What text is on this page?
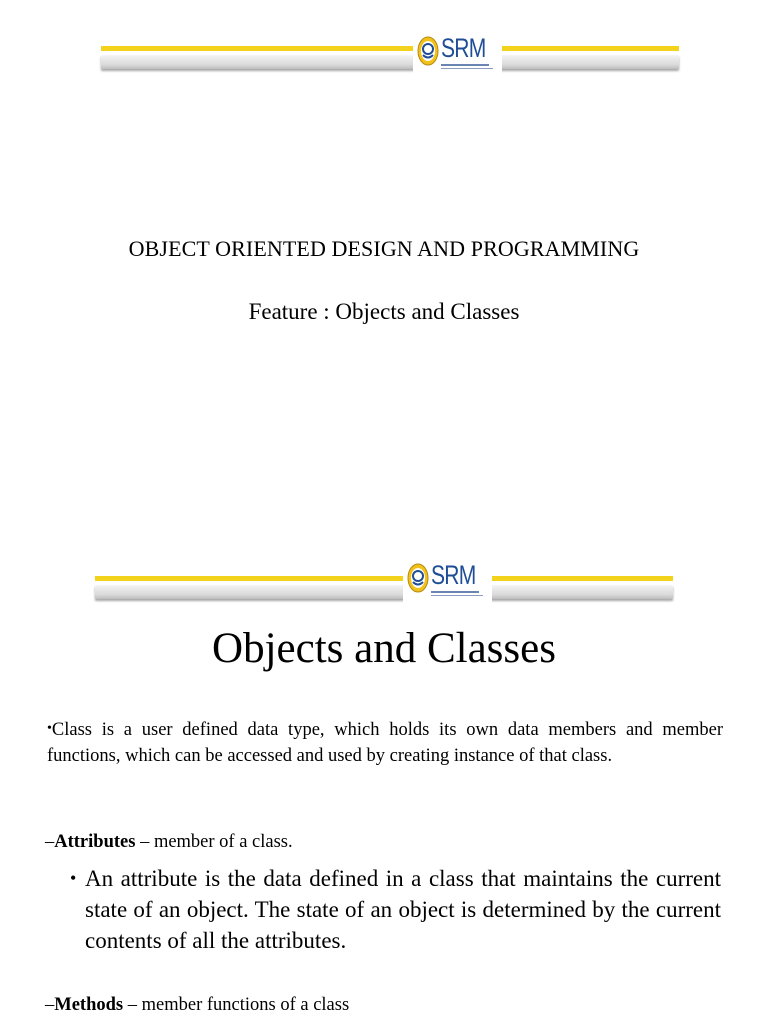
SRM
OBJECT ORIENTED DESIGN AND PROGRAMMING
Feature : Objects and Classes
SRM
Objects and Classes
•Class is a user defined data type, which holds its own data members and member functions, which can be accessed and used by creating instance of that class.
–Attributes – member of a class.
• An attribute is the data defined in a class that maintains the current state of an object. The state of an object is determined by the current contents of all the attributes.
–Methods – member functions of a class
